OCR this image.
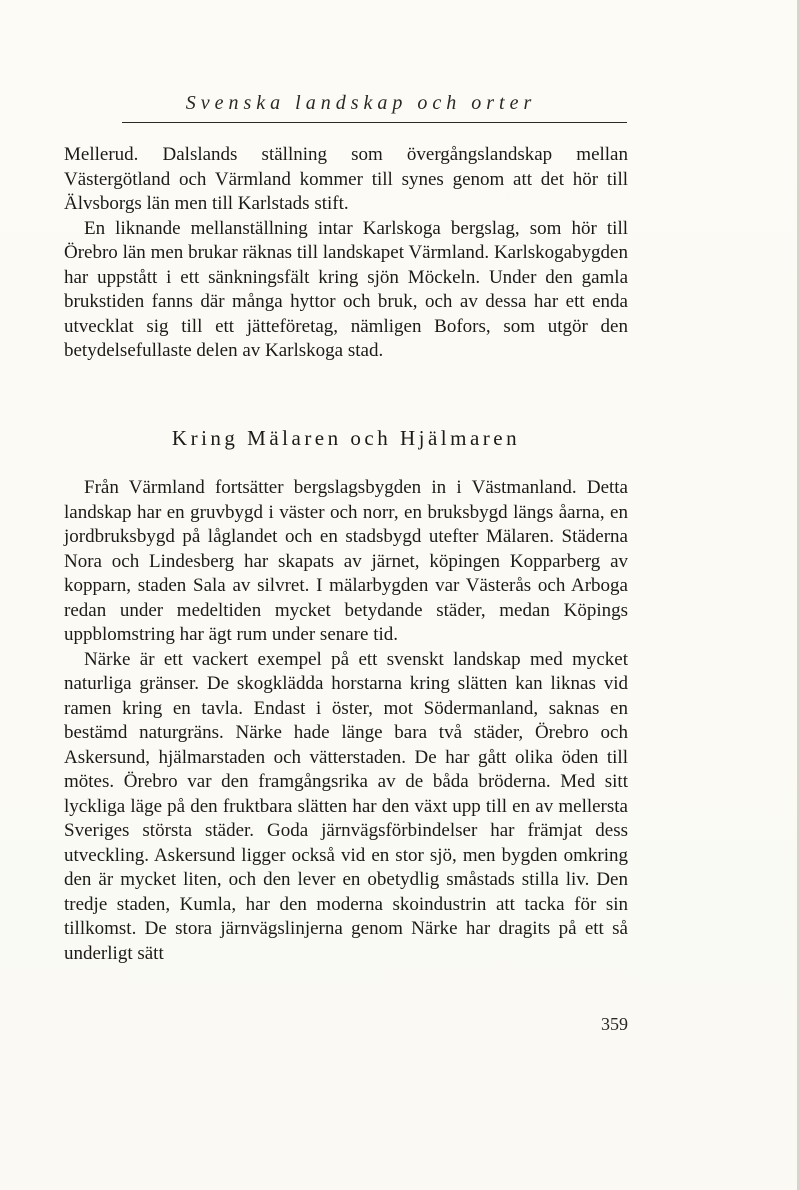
Svenska landskap och orter

Mellerud. Dalslands ställning som övergångslandskap mellan Västergötland och Värmland kommer till synes genom att det hör till Älvsborgs län men till Karlstads stift.

En liknande mellanställning intar Karlskoga bergslag, som hör till Örebro län men brukar räknas till landskapet Värmland. Karlskogabygden har uppstått i ett sänkningsfält kring sjön Möckeln. Under den gamla brukstiden fanns där många hyttor och bruk, och av dessa har ett enda utvecklat sig till ett jätteföretag, nämligen Bofors, som utgör den betydelsefullaste delen av Karlskoga stad.

Kring Mälaren och Hjälmaren

Från Värmland fortsätter bergslagsbygden in i Västmanland. Detta landskap har en gruvbygd i väster och norr, en bruksbygd längs åarna, en jordbruksbygd på låglandet och en stadsbygd utefter Mälaren. Städerna Nora och Lindesberg har skapats av järnet, köpingen Kopparberg av kopparn, staden Sala av silvret. I mälarbygden var Västerås och Arboga redan under medeltiden mycket betydande städer, medan Köpings uppblomstring har ägt rum under senare tid.

Närke är ett vackert exempel på ett svenskt landskap med mycket naturliga gränser. De skogklädda horstarna kring slätten kan liknas vid ramen kring en tavla. Endast i öster, mot Södermanland, saknas en bestämd naturgräns. Närke hade länge bara två städer, Örebro och Askersund, hjälmarstaden och vätterstaden. De har gått olika öden till mötes. Örebro var den framgångsrika av de båda bröderna. Med sitt lyckliga läge på den fruktbara slätten har den växt upp till en av mellersta Sveriges största städer. Goda järnvägsförbindelser har främjat dess utveckling. Askersund ligger också vid en stor sjö, men bygden omkring den är mycket liten, och den lever en obetydlig småstads stilla liv. Den tredje staden, Kumla, har den moderna skoindustrin att tacka för sin tillkomst. De stora järnvägslinjerna genom Närke har dragits på ett så underligt sätt

359
